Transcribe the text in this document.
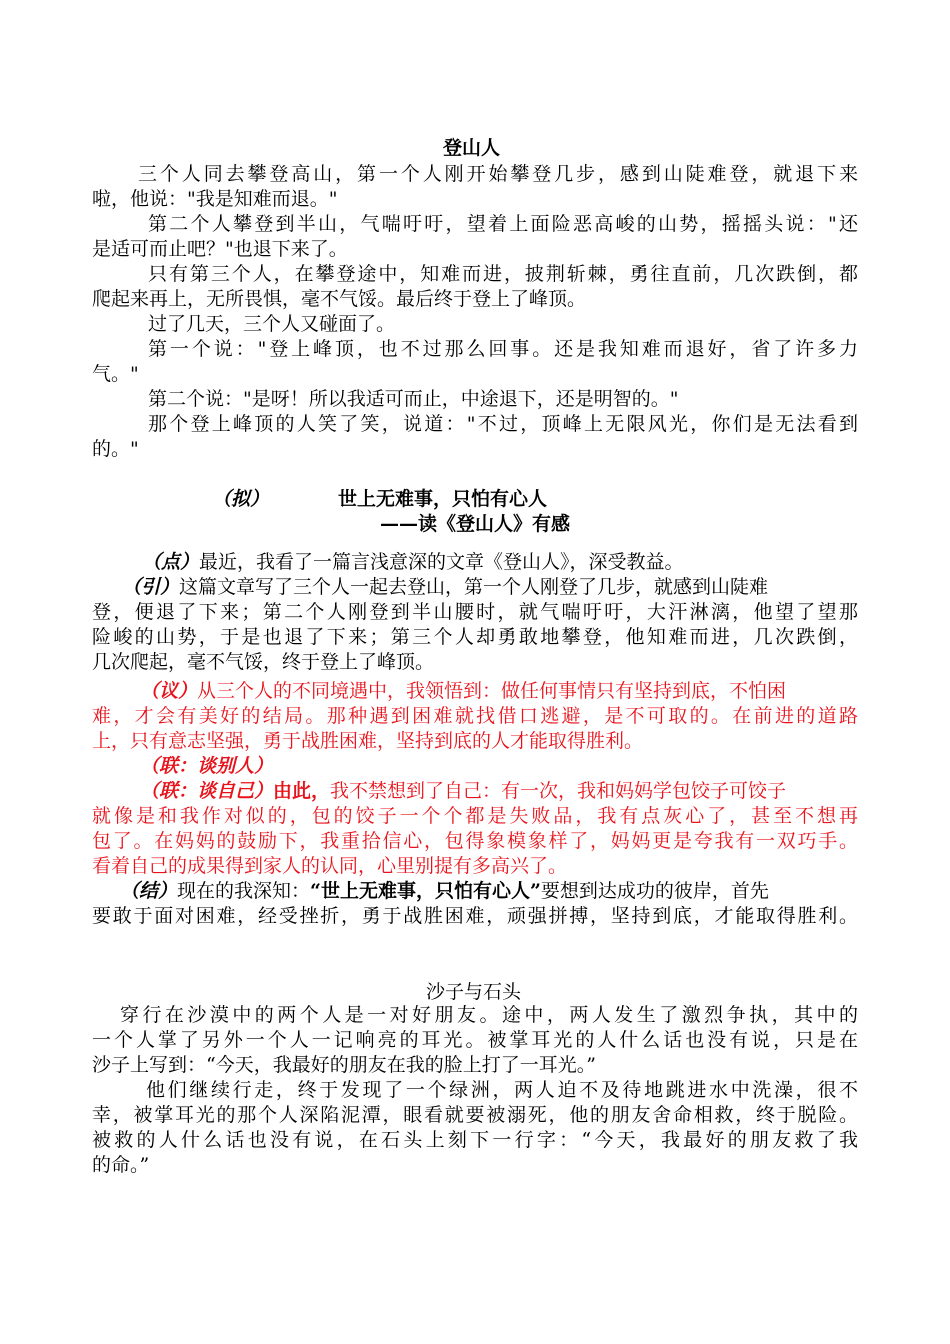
登山人
三个人同去攀登高山，第一个人刚开始攀登几步，感到山陡难登，就退下来
啦，他说："我是知难而退。"
第二个人攀登到半山，气喘吁吁，望着上面险恶高峻的山势，摇摇头说："还
是适可而止吧？"也退下来了。
只有第三个人，在攀登途中，知难而进，披荆斩棘，勇往直前，几次跌倒，都
爬起来再上，无所畏惧，毫不气馁。最后终于登上了峰顶。
过了几天，三个人又碰面了。
第一个说："登上峰顶，也不过那么回事。还是我知难而退好，省了许多力
气。"
第二个说："是呀！所以我适可而止，中途退下，还是明智的。"
那个登上峰顶的人笑了笑，说道："不过，顶峰上无限风光，你们是无法看到
的。"
（拟）	世上无难事，只怕有心人
——读《登山人》有感
（点）最近，我看了一篇言浅意深的文章《登山人》，深受教益。
（引）这篇文章写了三个人一起去登山，第一个人刚登了几步，就感到山陡难
登，便退了下来；第二个人刚登到半山腰时，就气喘吁吁，大汗淋漓，他望了望那
险峻的山势，于是也退了下来；第三个人却勇敢地攀登，他知难而进，几次跌倒，
几次爬起，毫不气馁，终于登上了峰顶。
（议）从三个人的不同境遇中，我领悟到：做任何事情只有坚持到底，不怕困
难，才会有美好的结局。那种遇到困难就找借口逃避，是不可取的。在前进的道路
上，只有意志坚强，勇于战胜困难，坚持到底的人才能取得胜利。
（联：谈别人）
（联：谈自己）由此，我不禁想到了自己：有一次，我和妈妈学包饺子可饺子
就像是和我作对似的，包的饺子一个个都是失败品，我有点灰心了，甚至不想再
包了。在妈妈的鼓励下，我重拾信心，包得象模象样了，妈妈更是夸我有一双巧手。
看着自己的成果得到家人的认同，心里别提有多高兴了。
（结）现在的我深知：“世上无难事，只怕有心人”要想到达成功的彼岸，首先
要敢于面对困难，经受挫折，勇于战胜困难，顽强拼搏，坚持到底，才能取得胜利。
沙子与石头
穿行在沙漠中的两个人是一对好朋友。途中，两人发生了激烈争执，其中的
一个人掌了另外一个人一记响亮的耳光。被掌耳光的人什么话也没有说，只是在
沙子上写到：“今天，我最好的朋友在我的脸上打了一耳光。”
他们继续行走，终于发现了一个绿洲，两人迫不及待地跳进水中洗澡，很不
幸，被掌耳光的那个人深陷泥潭，眼看就要被溺死，他的朋友舍命相救，终于脱险。
被救的人什么话也没有说，在石头上刻下一行字：“今天，我最好的朋友救了我
的命。”
